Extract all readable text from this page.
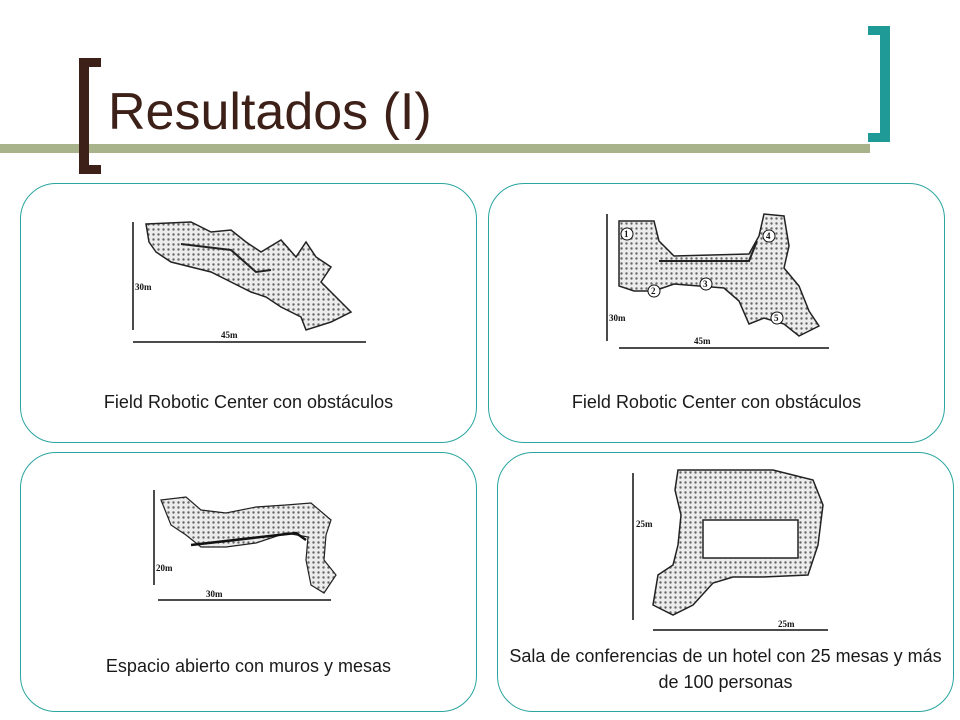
Resultados (I)
30m
45m
Field Robotic Center con obstáculos
1
2
3
4
5
30m
45m
Field Robotic Center con obstáculos
20m
30m
Espacio abierto con muros y mesas
25m
25m
Sala de conferencias de un hotel con 25 mesas y más de 100 personas
